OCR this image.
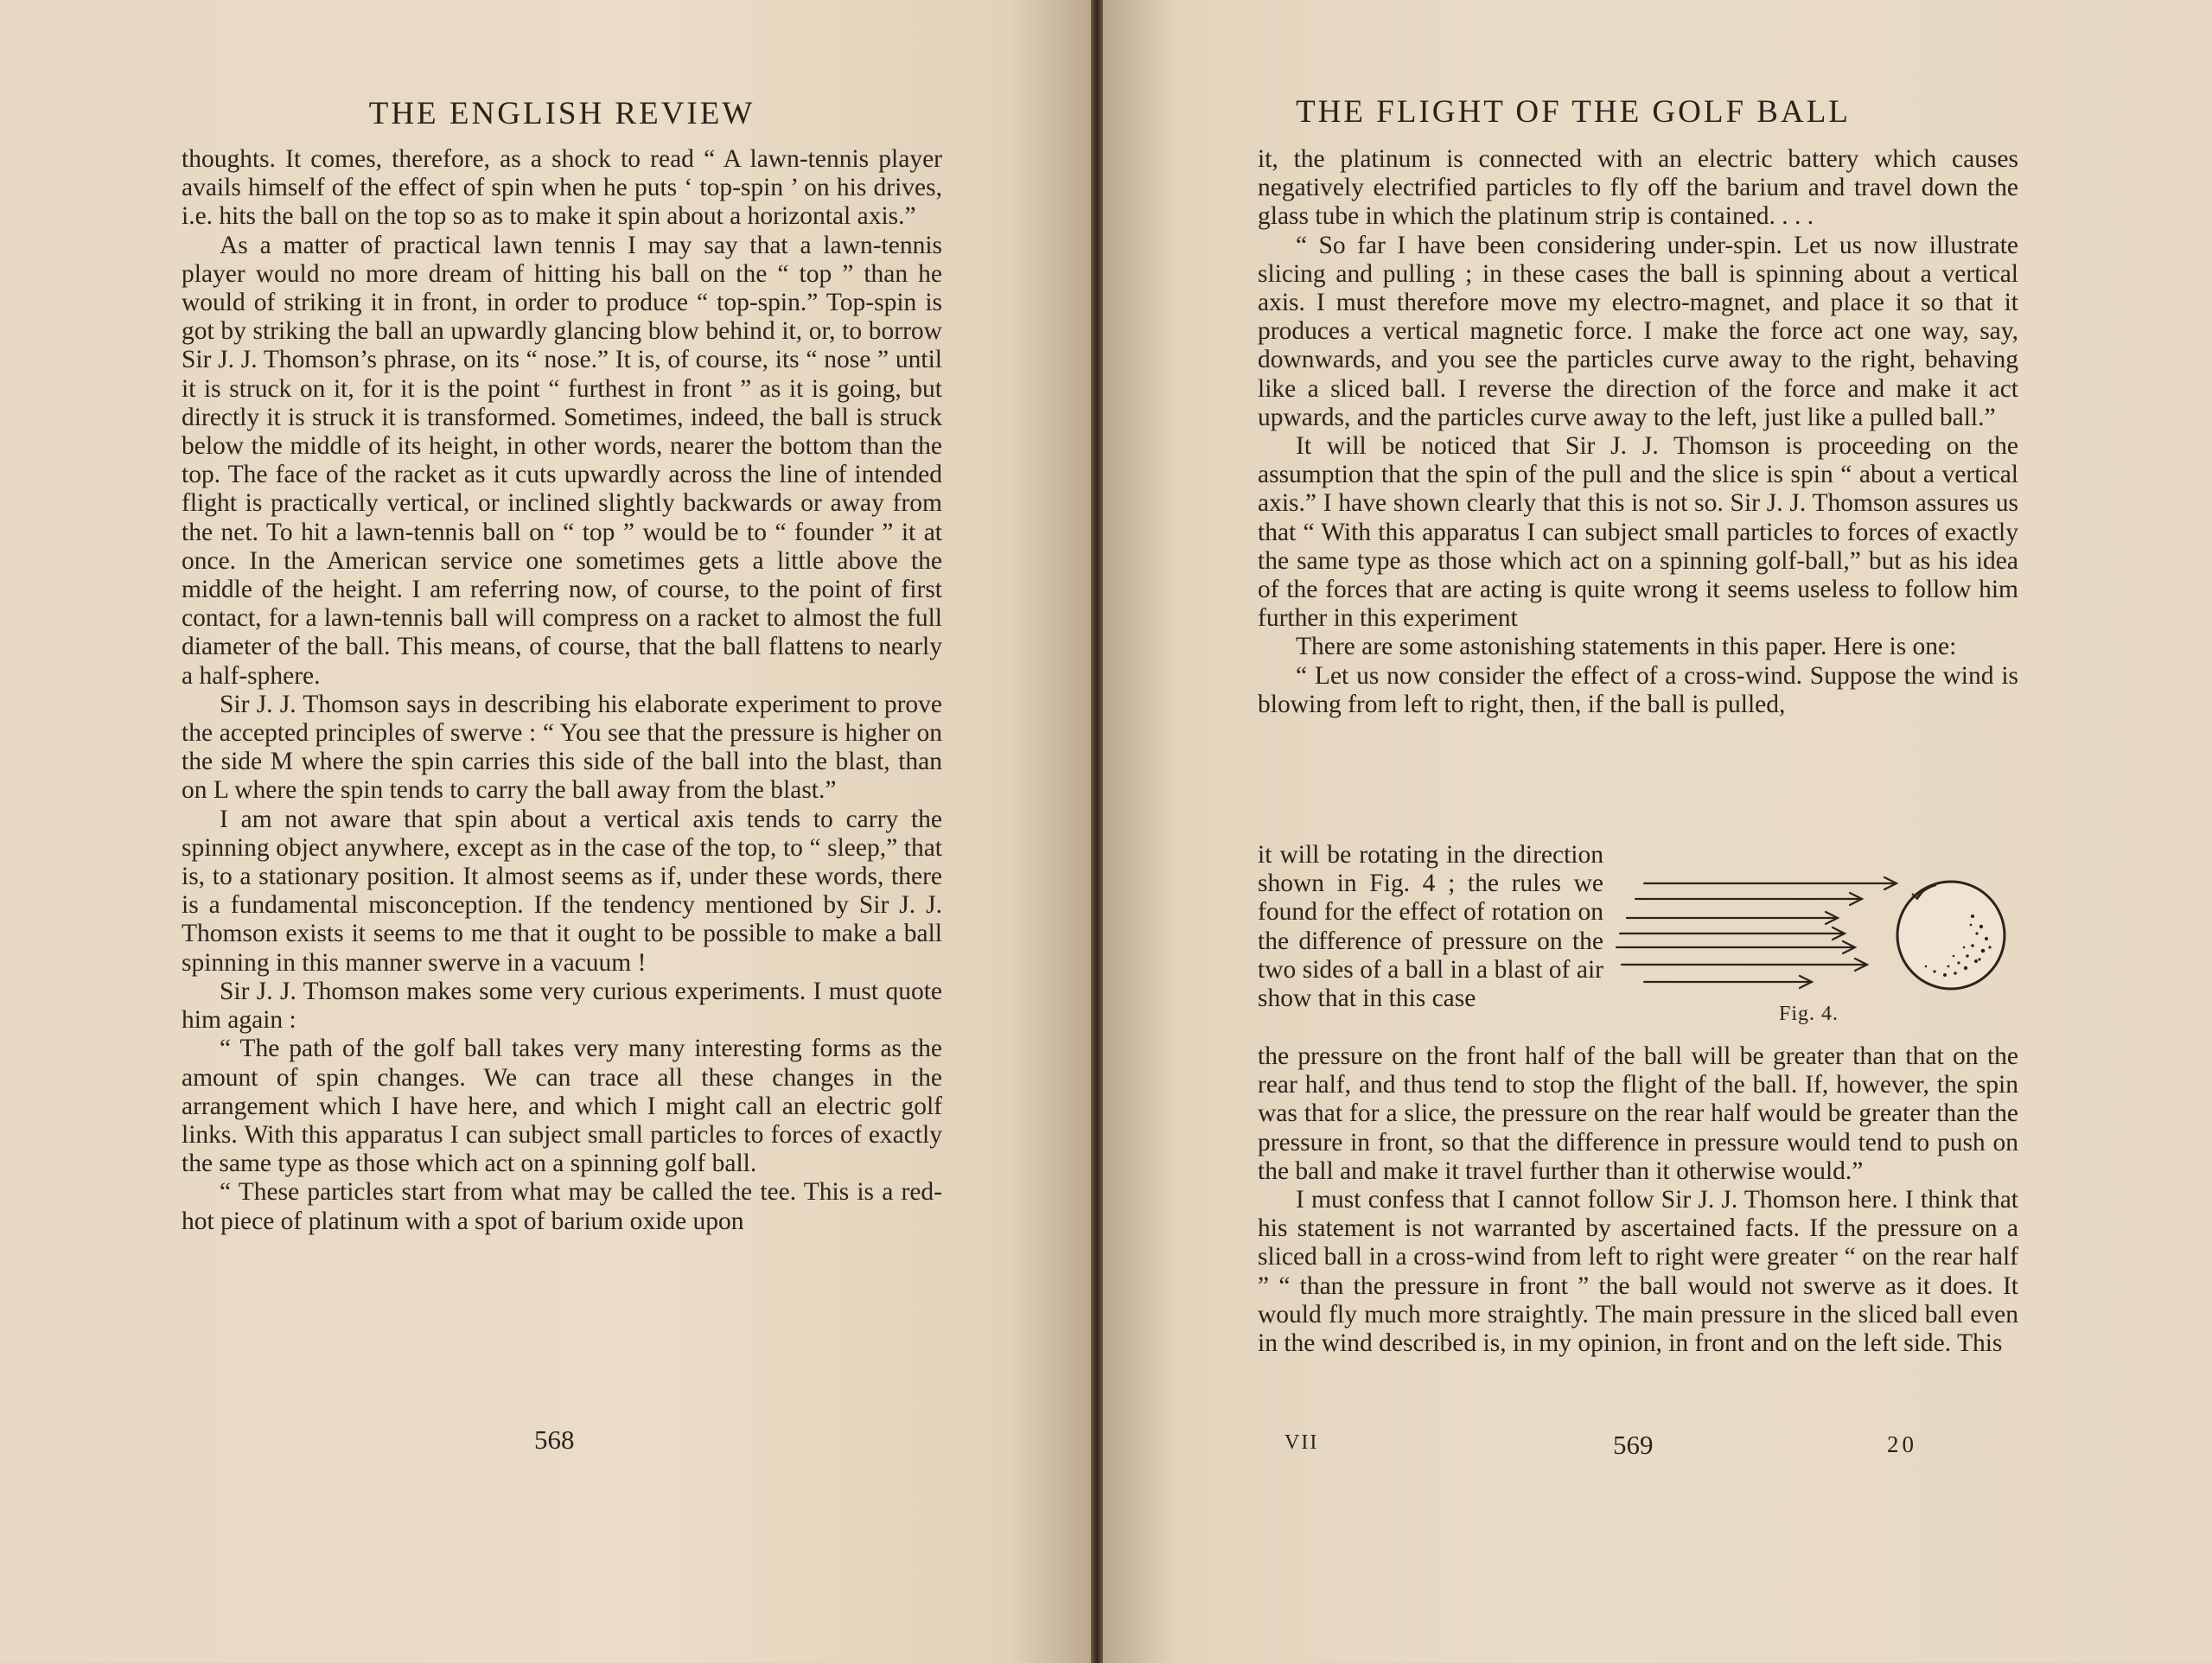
THE ENGLISH REVIEW

thoughts. It comes, therefore, as a shock to read “ A lawn-tennis player avails himself of the effect of spin when he puts ‘ top-spin ’ on his drives, i.e. hits the ball on the top so as to make it spin about a horizontal axis.”

As a matter of practical lawn tennis I may say that a lawn-tennis player would no more dream of hitting his ball on the “ top ” than he would of striking it in front, in order to produce “ top-spin.” Top-spin is got by striking the ball an upwardly glancing blow behind it, or, to borrow Sir J. J. Thomson’s phrase, on its “ nose.” It is, of course, its “ nose ” until it is struck on it, for it is the point “ furthest in front ” as it is going, but directly it is struck it is transformed. Sometimes, indeed, the ball is struck below the middle of its height, in other words, nearer the bottom than the top. The face of the racket as it cuts upwardly across the line of intended flight is practically vertical, or inclined slightly backwards or away from the net. To hit a lawn-tennis ball on “ top ” would be to “ founder ” it at once. In the American service one sometimes gets a little above the middle of the height. I am referring now, of course, to the point of first contact, for a lawn-tennis ball will compress on a racket to almost the full diameter of the ball. This means, of course, that the ball flattens to nearly a half-sphere.

Sir J. J. Thomson says in describing his elaborate experiment to prove the accepted principles of swerve : “ You see that the pressure is higher on the side M where the spin carries this side of the ball into the blast, than on L where the spin tends to carry the ball away from the blast.”

I am not aware that spin about a vertical axis tends to carry the spinning object anywhere, except as in the case of the top, to “ sleep,” that is, to a stationary position. It almost seems as if, under these words, there is a fundamental misconception. If the tendency mentioned by Sir J. J. Thomson exists it seems to me that it ought to be possible to make a ball spinning in this manner swerve in a vacuum !

Sir J. J. Thomson makes some very curious experiments. I must quote him again :

“ The path of the golf ball takes very many interesting forms as the amount of spin changes. We can trace all these changes in the arrangement which I have here, and which I might call an electric golf links. With this apparatus I can subject small particles to forces of exactly the same type as those which act on a spinning golf ball.

“ These particles start from what may be called the tee. This is a red-hot piece of platinum with a spot of barium oxide upon

568
THE FLIGHT OF THE GOLF BALL

it, the platinum is connected with an electric battery which causes negatively electrified particles to fly off the barium and travel down the glass tube in which the platinum strip is contained. . . .

“ So far I have been considering under-spin. Let us now illustrate slicing and pulling ; in these cases the ball is spinning about a vertical axis. I must therefore move my electro-magnet, and place it so that it produces a vertical magnetic force. I make the force act one way, say, downwards, and you see the particles curve away to the right, behaving like a sliced ball. I reverse the direction of the force and make it act upwards, and the particles curve away to the left, just like a pulled ball.”

It will be noticed that Sir J. J. Thomson is proceeding on the assumption that the spin of the pull and the slice is spin “ about a vertical axis.” I have shown clearly that this is not so. Sir J. J. Thomson assures us that “ With this apparatus I can subject small particles to forces of exactly the same type as those which act on a spinning golf-ball,” but as his idea of the forces that are acting is quite wrong it seems useless to follow him further in this experiment

There are some astonishing statements in this paper. Here is one:

“ Let us now consider the effect of a cross-wind. Suppose the wind is blowing from left to right, then, if the ball is pulled,

it will be rotating in the direction shown in Fig. 4 ; the rules we found for the effect of rotation on the difference of pressure on the two sides of a ball in a blast of air show that in this case
Fig. 4.

the pressure on the front half of the ball will be greater than that on the rear half, and thus tend to stop the flight of the ball. If, however, the spin was that for a slice, the pressure on the rear half would be greater than the pressure in front, so that the difference in pressure would tend to push on the ball and make it travel further than it otherwise would.”

I must confess that I cannot follow Sir J. J. Thomson here. I think that his statement is not warranted by ascertained facts. If the pressure on a sliced ball in a cross-wind from left to right were greater “ on the rear half ” “ than the pressure in front ” the ball would not swerve as it does. It would fly much more straightly. The main pressure in the sliced ball even in the wind described is, in my opinion, in front and on the left side. This

VII	569	20
